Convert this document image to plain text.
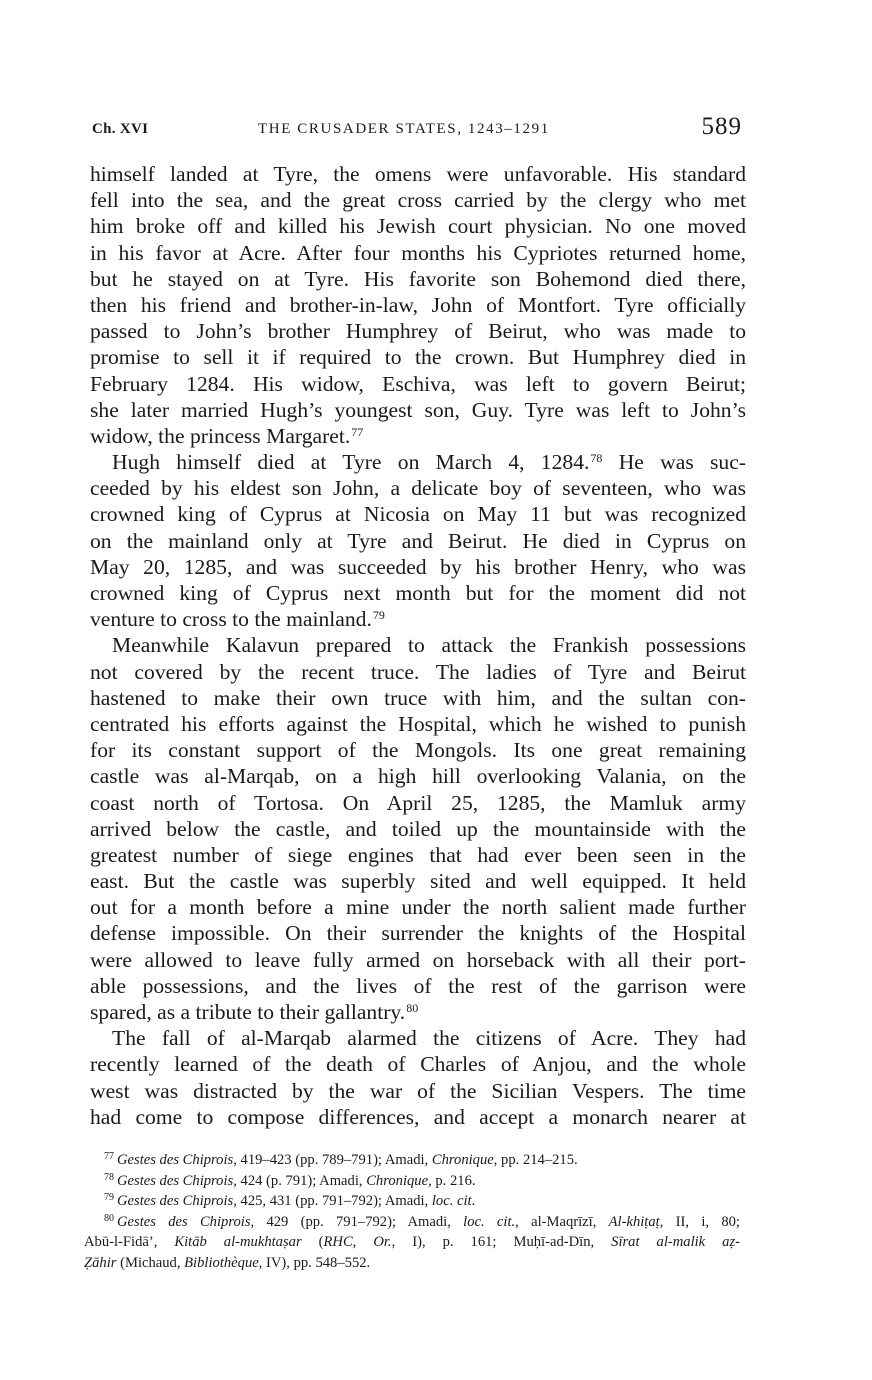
Ch. XVI	THE CRUSADER STATES, 1243–1291	589
himself landed at Tyre, the omens were unfavorable. His standard
fell into the sea, and the great cross carried by the clergy who met
him broke off and killed his Jewish court physician. No one moved
in his favor at Acre. After four months his Cypriotes returned home,
but he stayed on at Tyre. His favorite son Bohemond died there,
then his friend and brother-in-law, John of Montfort. Tyre officially
passed to John’s brother Humphrey of Beirut, who was made to
promise to sell it if required to the crown. But Humphrey died in
February 1284. His widow, Eschiva, was left to govern Beirut;
she later married Hugh’s youngest son, Guy. Tyre was left to John’s
widow, the princess Margaret.$^{77}$
Hugh himself died at Tyre on March 4, 1284.78 He was suc-
ceeded by his eldest son John, a delicate boy of seventeen, who was
crowned king of Cyprus at Nicosia on May 11 but was recognized
on the mainland only at Tyre and Beirut. He died in Cyprus on
May 20, 1285, and was succeeded by his brother Henry, who was
crowned king of Cyprus next month but for the moment did not
venture to cross to the mainland.$^{79}$
Meanwhile Kalavun prepared to attack the Frankish possessions
not covered by the recent truce. The ladies of Tyre and Beirut
hastened to make their own truce with him, and the sultan con-
centrated his efforts against the Hospital, which he wished to punish
for its constant support of the Mongols. Its one great remaining
castle was al-Marqab, on a high hill overlooking Valania, on the
coast north of Tortosa. On April 25, 1285, the Mamluk army
arrived below the castle, and toiled up the mountainside with the
greatest number of siege engines that had ever been seen in the
east. But the castle was superbly sited and well equipped. It held
out for a month before a mine under the north salient made further
defense impossible. On their surrender the knights of the Hospital
were allowed to leave fully armed on horseback with all their port-
able possessions, and the lives of the rest of the garrison were
spared, as a tribute to their gallantry.$^{80}$
The fall of al-Marqab alarmed the citizens of Acre. They had
recently learned of the death of Charles of Anjou, and the whole
west was distracted by the war of the Sicilian Vespers. The time
had come to compose differences, and accept a monarch nearer at
$^{77}$ Gestes des Chiprois, 419–423 (pp. 789–791); Amadi, Chronique, pp. 214–215.
$^{78}$ Gestes des Chiprois, 424 (p. 791); Amadi, Chronique, p. 216.
$^{79}$ Gestes des Chiprois, 425, 431 (pp. 791–792); Amadi, loc. cit.
$^{80}$ Gestes des Chiprois, 429 (pp. 791–792); Amadi, loc. cit., al-Maqrīzī, Al-khiṭaṭ, II, i, 80;
Abū-l-Fidā’, Kitāb al-mukhtaṣar (RHC, Or., I), p. 161; Muḥī-ad-Dīn, Sīrat al-malik aẓ-
Ẓāhir (Michaud, Bibliothèque, IV), pp. 548–552.
